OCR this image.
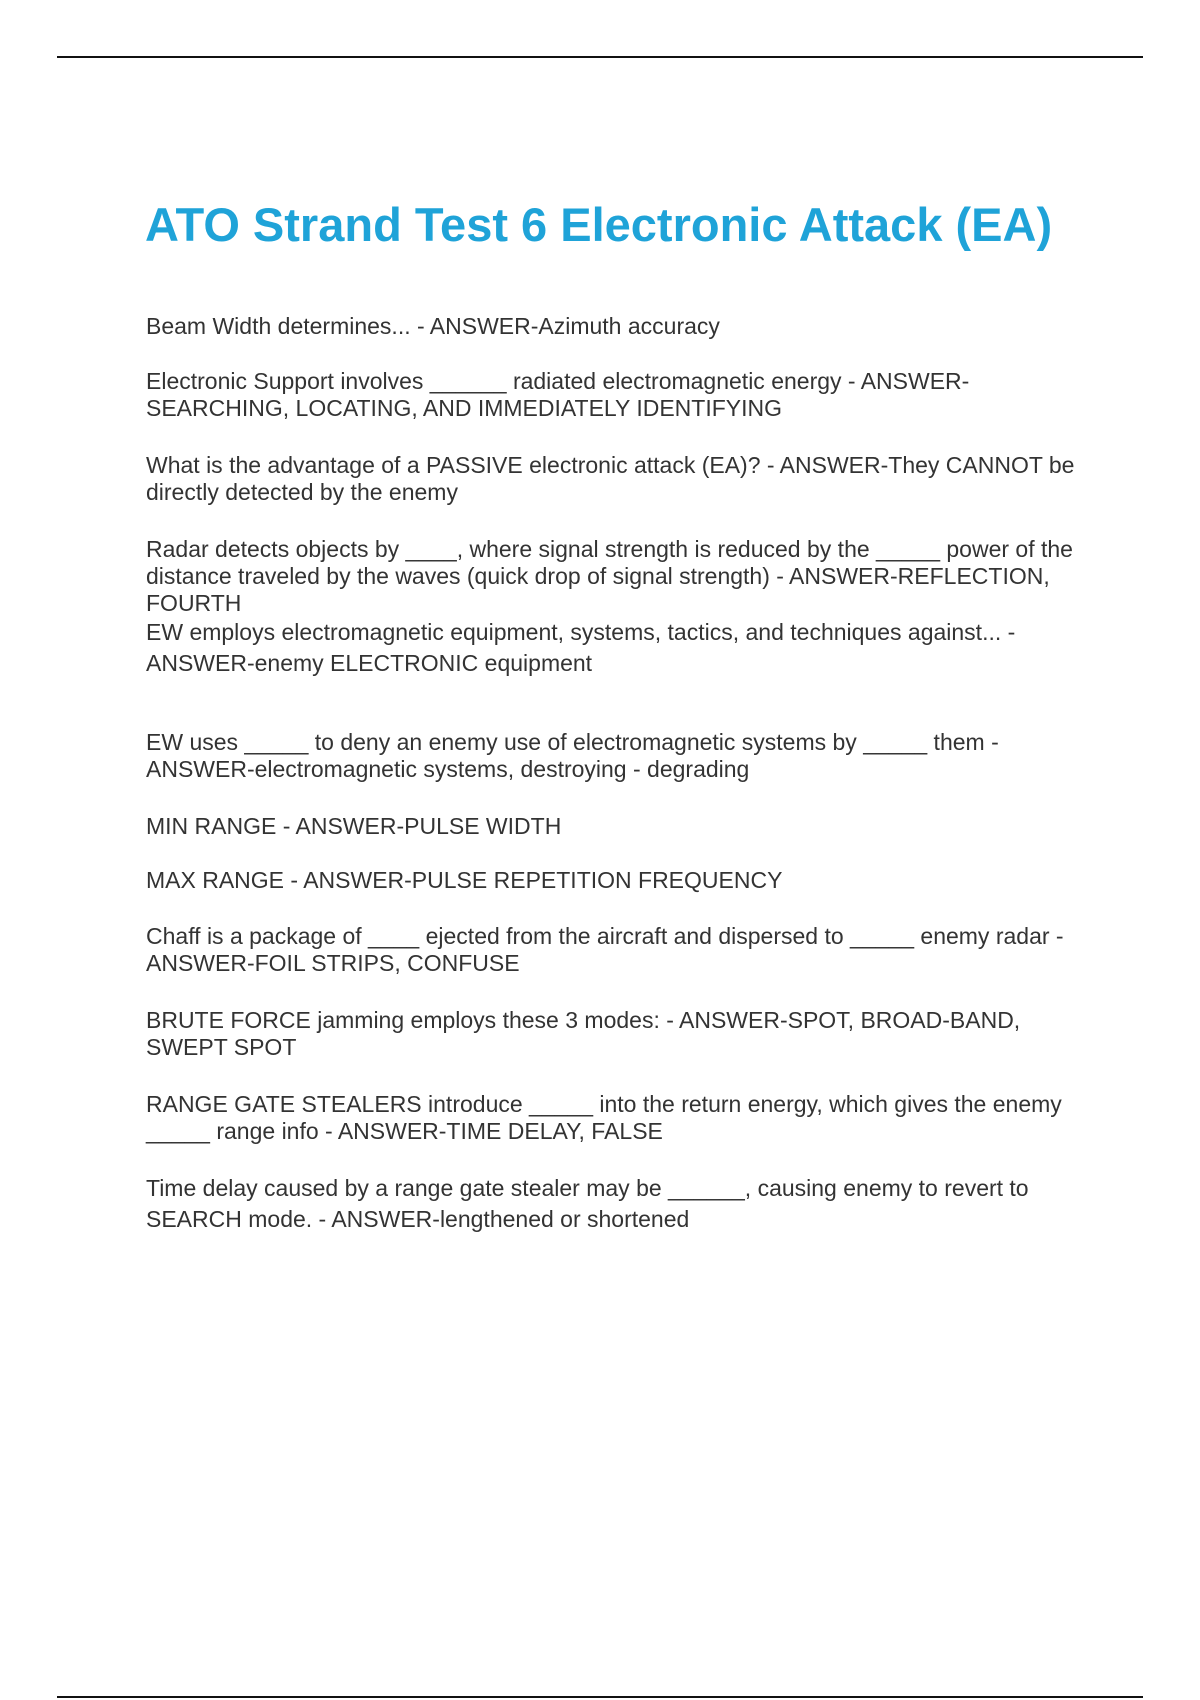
ATO Strand Test 6 Electronic Attack (EA)

Beam Width determines... - ANSWER-Azimuth accuracy

Electronic Support involves ______ radiated electromagnetic energy - ANSWER-SEARCHING, LOCATING, AND IMMEDIATELY IDENTIFYING

What is the advantage of a PASSIVE electronic attack (EA)? - ANSWER-They CANNOT be directly detected by the enemy

Radar detects objects by ____, where signal strength is reduced by the _____ power of the distance traveled by the waves (quick drop of signal strength) - ANSWER-REFLECTION, FOURTH

EW employs electromagnetic equipment, systems, tactics, and techniques against... - ANSWER-enemy ELECTRONIC equipment

EW uses _____ to deny an enemy use of electromagnetic systems by _____ them - ANSWER-electromagnetic systems, destroying - degrading

MIN RANGE - ANSWER-PULSE WIDTH

MAX RANGE - ANSWER-PULSE REPETITION FREQUENCY

Chaff is a package of ____ ejected from the aircraft and dispersed to _____ enemy radar - ANSWER-FOIL STRIPS, CONFUSE

BRUTE FORCE jamming employs these 3 modes: - ANSWER-SPOT, BROAD-BAND, SWEPT SPOT

RANGE GATE STEALERS introduce _____ into the return energy, which gives the enemy _____ range info - ANSWER-TIME DELAY, FALSE

Time delay caused by a range gate stealer may be ______, causing enemy to revert to SEARCH mode. - ANSWER-lengthened or shortened
